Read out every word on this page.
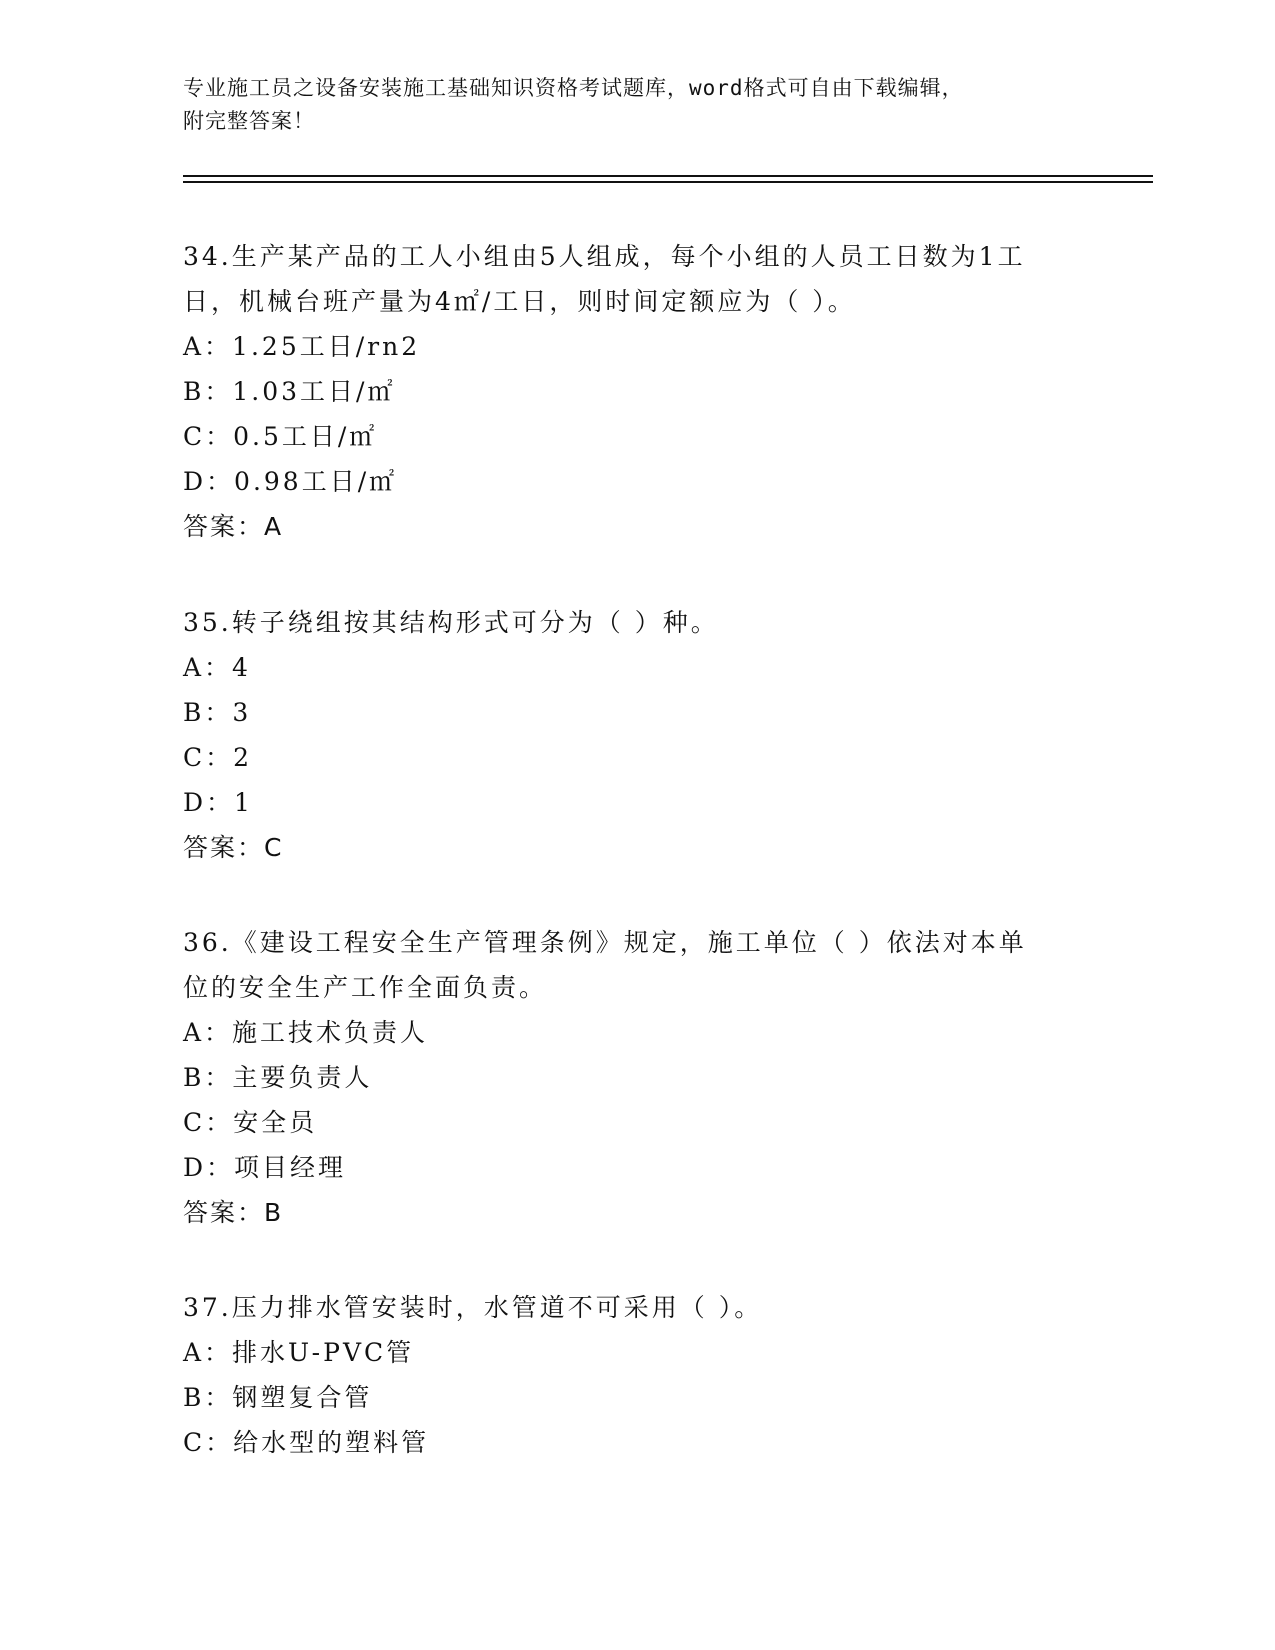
专业施工员之设备安装施工基础知识资格考试题库，word格式可自由下载编辑，
附完整答案！
34.生产某产品的工人小组由5人组成，每个小组的人员工日数为1工
日，机械台班产量为4㎡/工日，则时间定额应为（ ）。
A：1.25工日/rn2
B：1.03工日/㎡
C：0.5工日/㎡
D：0.98工日/㎡
答案：A
35.转子绕组按其结构形式可分为（ ）种。
A：4
B：3
C：2
D：1
答案：C
36.《建设工程安全生产管理条例》规定，施工单位（ ）依法对本单
位的安全生产工作全面负责。
A：施工技术负责人
B：主要负责人
C：安全员
D：项目经理
答案：B
37.压力排水管安装时，水管道不可采用（ ）。
A：排水U-PVC管
B：钢塑复合管
C：给水型的塑料管
